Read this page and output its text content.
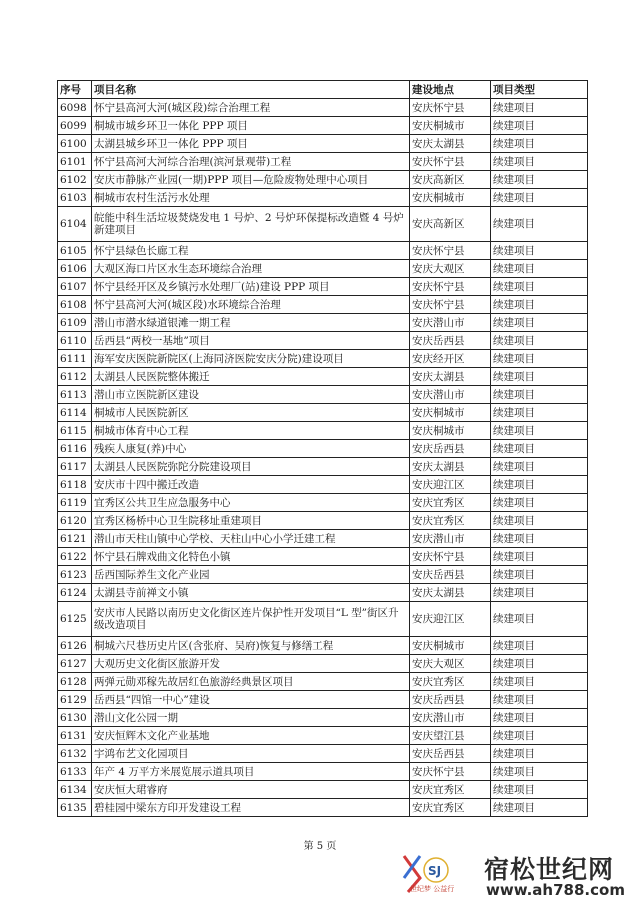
序号	项目名称	建设地点	项目类型
6098	怀宁县高河大河(城区段)综合治理工程	安庆怀宁县	续建项目
6099	桐城市城乡环卫一体化 PPP 项目	安庆桐城市	续建项目
6100	太湖县城乡环卫一体化 PPP 项目	安庆太湖县	续建项目
6101	怀宁县高河大河综合治理(滨河景观带)工程	安庆怀宁县	续建项目
6102	安庆市静脉产业园(一期)PPP 项目—危险废物处理中心项目	安庆高新区	续建项目
6103	桐城市农村生活污水处理	安庆桐城市	续建项目
6104	皖能中科生活垃圾焚烧发电 1 号炉、2 号炉环保提标改造暨 4 号炉新建项目	安庆高新区	续建项目
6105	怀宁县绿色长廊工程	安庆怀宁县	续建项目
6106	大观区海口片区水生态环境综合治理	安庆大观区	续建项目
6107	怀宁县经开区及乡镇污水处理厂(站)建设 PPP 项目	安庆怀宁县	续建项目
6108	怀宁县高河大河(城区段)水环境综合治理	安庆怀宁县	续建项目
6109	潜山市潜水绿道银滩一期工程	安庆潜山市	续建项目
6110	岳西县“两校一基地”项目	安庆岳西县	续建项目
6111	海军安庆医院新院区(上海同济医院安庆分院)建设项目	安庆经开区	续建项目
6112	太湖县人民医院整体搬迁	安庆太湖县	续建项目
6113	潜山市立医院新区建设	安庆潜山市	续建项目
6114	桐城市人民医院新区	安庆桐城市	续建项目
6115	桐城市体育中心工程	安庆桐城市	续建项目
6116	残疾人康复(养)中心	安庆岳西县	续建项目
6117	太湖县人民医院弥陀分院建设项目	安庆太湖县	续建项目
6118	安庆市十四中搬迁改造	安庆迎江区	续建项目
6119	宜秀区公共卫生应急服务中心	安庆宜秀区	续建项目
6120	宜秀区杨桥中心卫生院移址重建项目	安庆宜秀区	续建项目
6121	潜山市天柱山镇中心学校、天柱山中心小学迁建工程	安庆潜山市	续建项目
6122	怀宁县石牌戏曲文化特色小镇	安庆怀宁县	续建项目
6123	岳西国际养生文化产业园	安庆岳西县	续建项目
6124	太湖县寺前禅文小镇	安庆太湖县	续建项目
6125	安庆市人民路以南历史文化街区连片保护性开发项目“L 型”街区升级改造项目	安庆迎江区	续建项目
6126	桐城六尺巷历史片区(含张府、吴府)恢复与修缮工程	安庆桐城市	续建项目
6127	大观历史文化街区旅游开发	安庆大观区	续建项目
6128	两弹元勋邓稼先故居红色旅游经典景区项目	安庆宜秀区	续建项目
6129	岳西县“四馆一中心”建设	安庆岳西县	续建项目
6130	潜山文化公园一期	安庆潜山市	续建项目
6131	安庆恒辉木文化产业基地	安庆望江县	续建项目
6132	宇鸿布艺文化园项目	安庆岳西县	续建项目
6133	年产 4 万平方米展览展示道具项目	安庆怀宁县	续建项目
6134	安庆恒大珺睿府	安庆宜秀区	续建项目
6135	碧桂园中梁东方印开发建设工程	安庆宜秀区	续建项目
第 5 页
SJ
世纪梦 公益行
宿松世纪网
www.ah788.com
